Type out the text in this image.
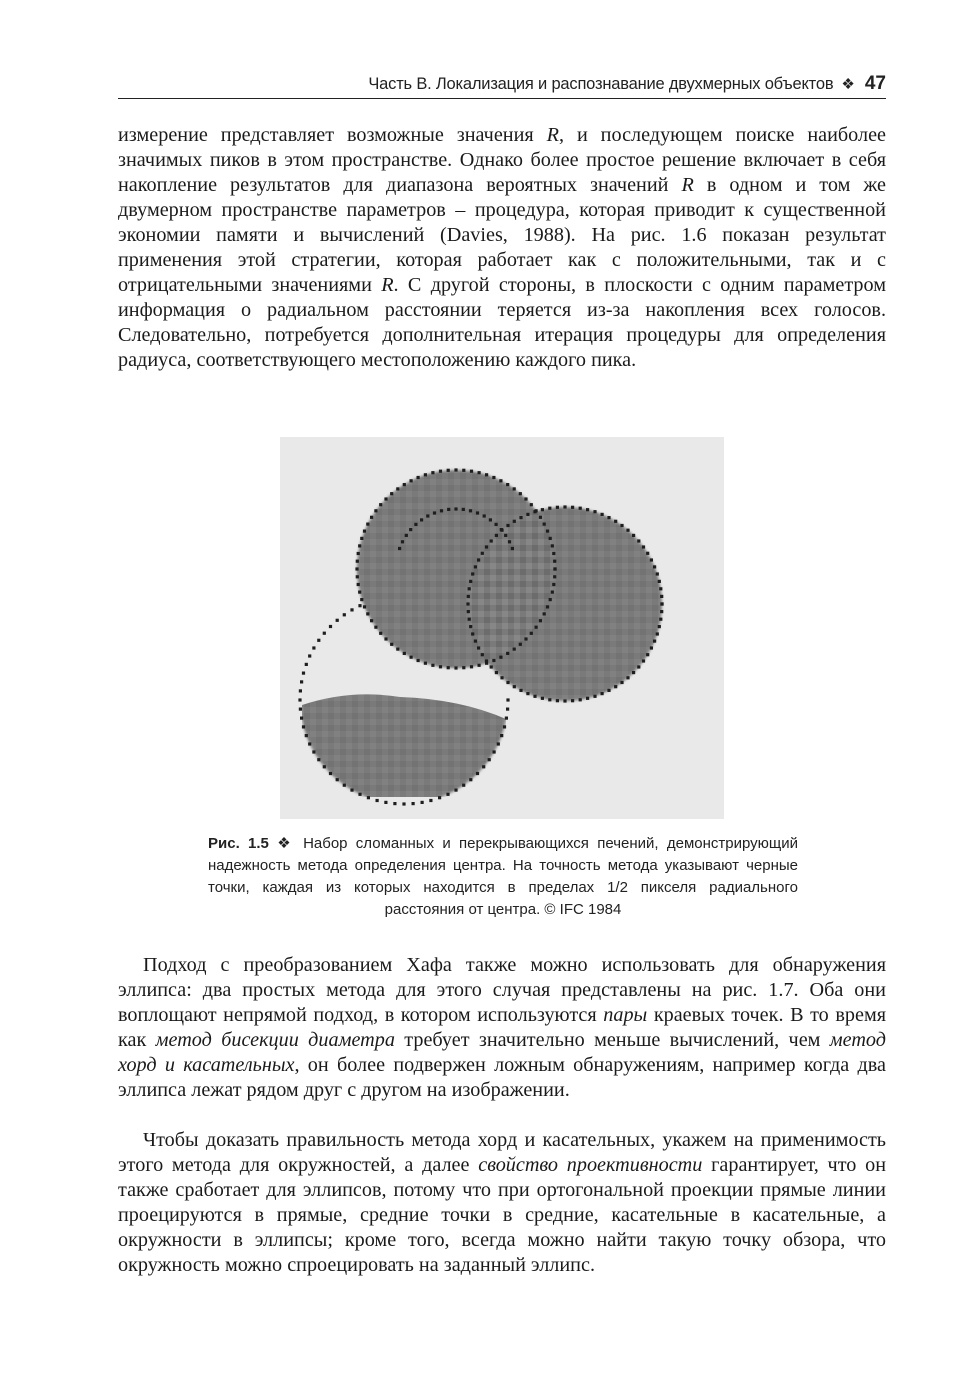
Часть B. Локализация и распознавание двухмерных объектов ❖ 47

измерение представляет возможные значения R, и последующем поиске наиболее значимых пиков в этом пространстве. Однако более простое решение включает в себя накопление результатов для диапазона вероятных значений R в одном и том же двумерном пространстве параметров – процедура, которая приводит к существенной экономии памяти и вычислений (Davies, 1988). На рис. 1.6 показан результат применения этой стратегии, которая работает как с положительными, так и с отрицательными значениями R. С другой стороны, в плоскости с одним параметром информация о радиальном расстоянии теряется из-за накопления всех голосов. Следовательно, потребуется дополнительная итерация процедуры для определения радиуса, соответствующего местоположению каждого пика.

Рис. 1.5 ❖ Набор сломанных и перекрывающихся печений, демонстрирующий надежность метода определения центра. На точность метода указывают черные точки, каждая из которых находится в пределах 1/2 пикселя радиального расстояния от центра. © IFC 1984

Подход с преобразованием Хафа также можно использовать для обнаружения эллипса: два простых метода для этого случая представлены на рис. 1.7. Оба они воплощают непрямой подход, в котором используются пары краевых точек. В то время как метод бисекции диаметра требует значительно меньше вычислений, чем метод хорд и касательных, он более подвержен ложным обнаружениям, например когда два эллипса лежат рядом друг с другом на изображении.

Чтобы доказать правильность метода хорд и касательных, укажем на применимость этого метода для окружностей, а далее свойство проективности гарантирует, что он также сработает для эллипсов, потому что при ортогональной проекции прямые линии проецируются в прямые, средние точки в средние, касательные в касательные, а окружности в эллипсы; кроме того, всегда можно найти такую точку обзора, что окружность можно спроецировать на заданный эллипс.
